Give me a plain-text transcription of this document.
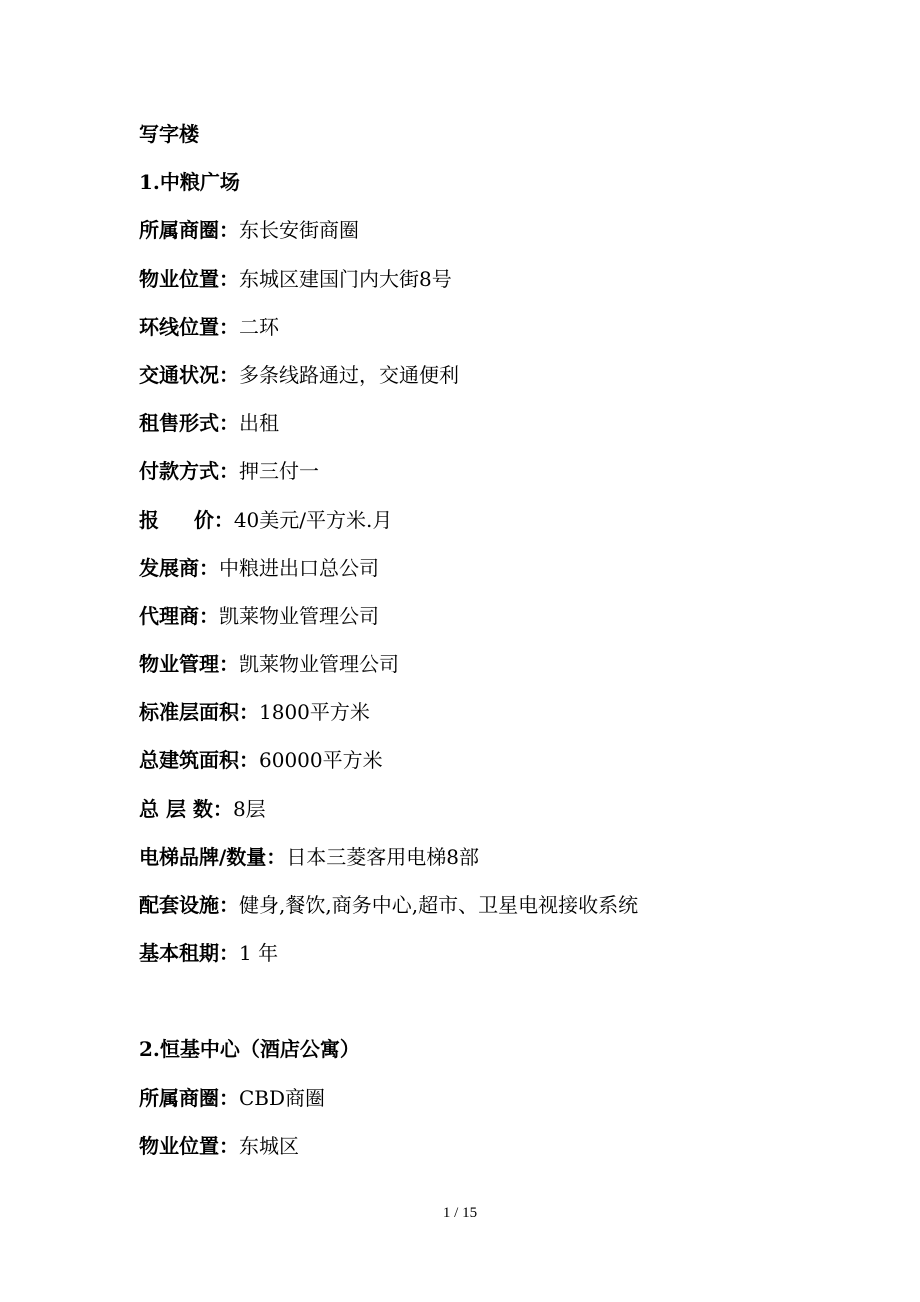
写字楼
1.中粮广场
所属商圈：东长安街商圈
物业位置：东城区建国门内大街8号
环线位置：二环
交通状况：多条线路通过，交通便利
租售形式：出租
付款方式：押三付一
报     价：40美元/平方米.月
发展商：中粮进出口总公司
代理商：凯莱物业管理公司
物业管理：凯莱物业管理公司
标准层面积：1800平方米
总建筑面积：60000平方米
总 层 数：8层
电梯品牌/数量：日本三菱客用电梯8部
配套设施：健身,餐饮,商务中心,超市、卫星电视接收系统
基本租期：1 年
2.恒基中心（酒店公寓）
所属商圈：CBD商圈
物业位置：东城区
1 / 15
